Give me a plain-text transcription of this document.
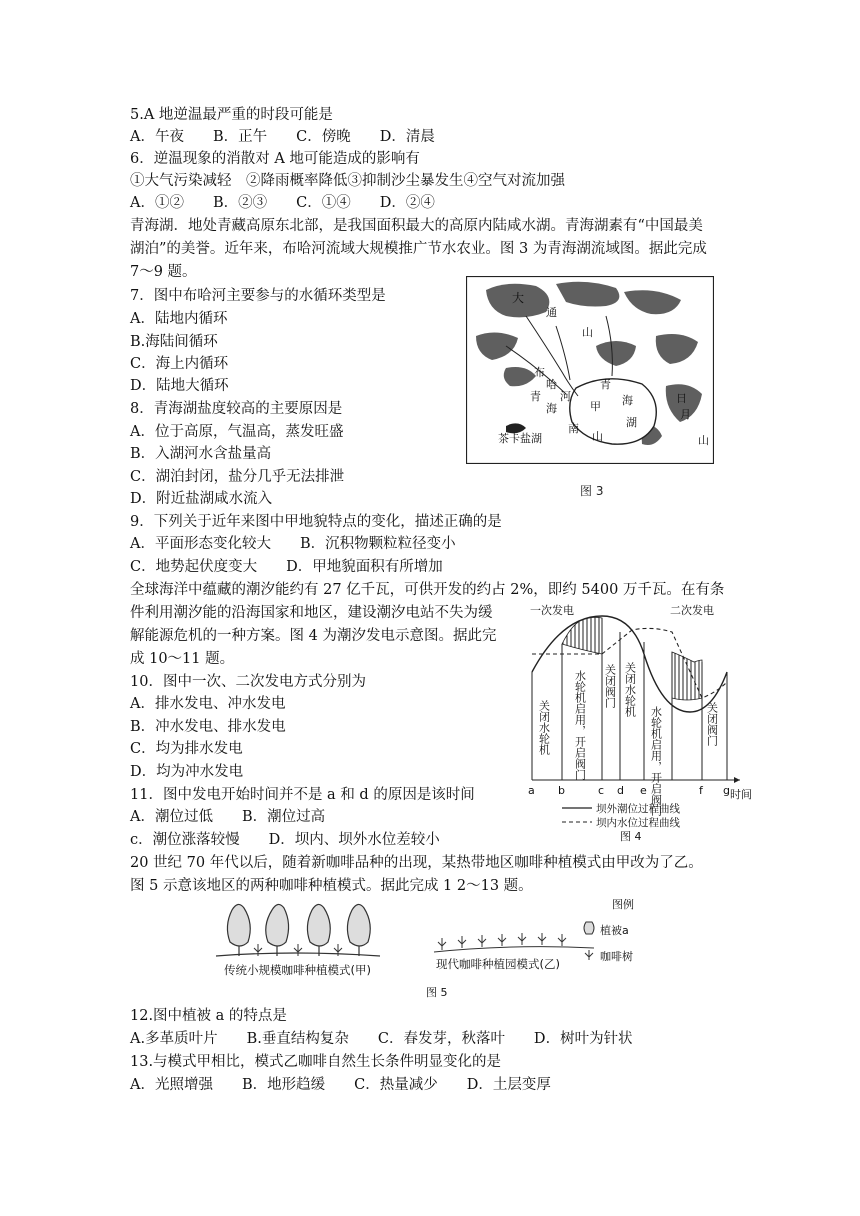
5.A 地逆温最严重的时段可能是
A．午夜　　B．正午　　C．傍晚　　D．清晨
6．逆温现象的消散对 A 地可能造成的影响有
①大气污染减轻　②降雨概率降低③抑制沙尘暴发生④空气对流加强
A．①②　　B．②③　　C．①④　　D．②④
青海湖．地处青藏高原东北部，是我国面积最大的高原内陆咸水湖。青海湖素有“中国最美
湖泊”的美誉。近年来，布哈河流域大规模推广节水农业。图 3 为青海湖流域图。据此完成
7～9 题。
7．图中布哈河主要参与的水循环类型是
A．陆地内循环
B.海陆间循环
C．海上内循环
D．陆地大循环
8．青海湖盐度较高的主要原因是
A．位于高原，气温高，蒸发旺盛
B．入湖河水含盐量高
C．湖泊封闭，盐分几乎无法排泄
D．附近盐湖咸水流入
9．下列关于近年来图中甲地貌特点的变化，描述正确的是
A．平面形态变化较大　　B．沉积物颗粒粒径变小
C．地势起伏度变大　　D．甲地貌面积有所增加
全球海洋中蕴藏的潮汐能约有 27 亿千瓦，可供开发的约占 2%，即约 5400 万千瓦。在有条
件利用潮汐能的沿海国家和地区，建设潮汐电站不失为缓
解能源危机的一种方案。图 4 为潮汐发电示意图。据此完
成 10～11 题。
10．图中一次、二次发电方式分别为
A．排水发电、冲水发电
B．冲水发电、排水发电
C．均为排水发电
D．均为冲水发电
11．图中发电开始时间并不是 a 和 d 的原因是该时间
A．潮位过低　　B．潮位过高
c．潮位涨落较慢　　D．坝内、坝外水位差较小
20 世纪 70 年代以后，随着新咖啡品种的出现，某热带地区咖啡种植模式由甲改为了乙。
图 5 示意该地区的两种咖啡种植模式。据此完成 1 2～13 题。
12.图中植被 a 的特点是
A.多革质叶片　　B.垂直结构复杂　　C．春发芽，秋落叶　　D．树叶为针状
13.与模式甲相比，模式乙咖啡自然生长条件明显变化的是
A．光照增强　　B．地形趋缓　　C．热量减少　　D．土层变厚
大
通
山
布
哈
河
青
海	甲
南
山
青
海
湖
日
月
山
茶卡盐湖
图 3
关闭水轮机 水轮机启用，开启阀门 关闭阀门 关闭水轮机
水轮机启用，开启阀门	关闭阀门
一次发电	二次发电
a b	c d e	f g 时间
坝外潮位过程曲线
坝内水位过程曲线
图 4
传统小规模咖啡种植模式(甲)	现代咖啡种植园模式(乙)
图例
植被a
咖啡树
图 5
